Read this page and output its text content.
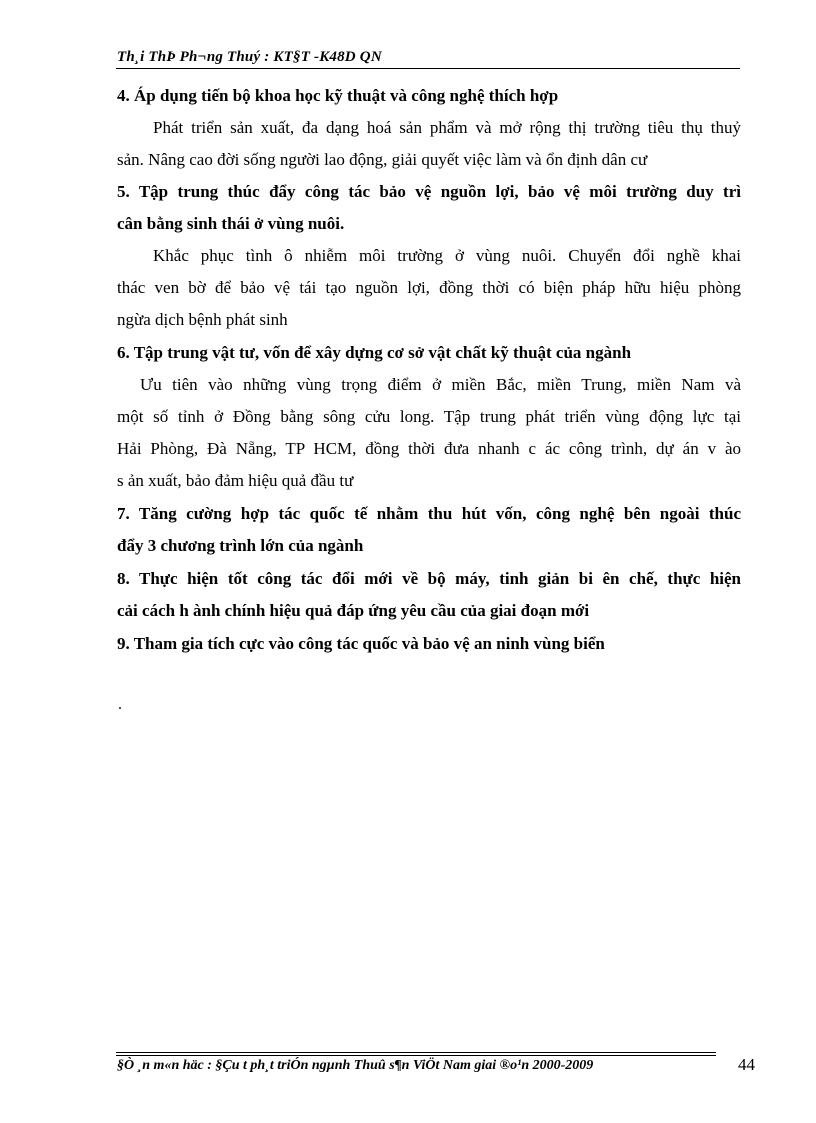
Th¸i ThÞ Ph¬ng Thuý : KT§T -K48D QN
4. Áp dụng tiến bộ khoa học kỹ thuật và công nghệ thích hợp
Phát triển sản xuất, đa dạng hoá sản phẩm và mở rộng thị trường tiêu thụ thuỷ
sản. Nâng cao đời sống người lao động, giải quyết việc làm và ổn định dân cư
5. Tập trung thúc đẩy công tác bảo vệ nguồn lợi, bảo vệ môi trường duy trì
cân bằng sinh thái ở vùng nuôi.
Khắc phục tình ô nhiễm môi trường ở vùng nuôi. Chuyển đổi nghề khai
thác ven bờ để bảo vệ tái tạo nguồn lợi, đồng thời có biện pháp hữu hiệu phòng
ngừa dịch bệnh phát sinh
6. Tập trung vật tư, vốn để xây dựng cơ sở vật chất kỹ thuật của ngành
Ưu tiên vào những vùng trọng điểm ở miền Bắc, miền Trung, miền Nam và
một số tỉnh ở Đồng bằng sông cửu long. Tập trung phát triển vùng động lực tại
Hải Phòng, Đà Nẵng, TP HCM, đồng thời đưa nhanh c ác công trình, dự án v ào
s ản xuất, bảo đảm hiệu quả đầu tư
7. Tăng cường hợp tác quốc tế nhằm thu hút vốn, công nghệ bên ngoài thúc
đẩy 3 chương trình lớn của ngành
8. Thực hiện tốt công tác đổi mới về bộ máy, tinh giản bi ên chế, thực hiện
cải cách h ành chính hiệu quả đáp ứng yêu cầu của giai đoạn mới
9. Tham gia tích cực vào công tác quốc và bảo vệ an ninh vùng biển
.
§Ò ¸n m«n häc : §Çu t ph¸t triÓn ngµnh Thuû s¶n ViÖt Nam giai ®o¹n 2000-2009	44
